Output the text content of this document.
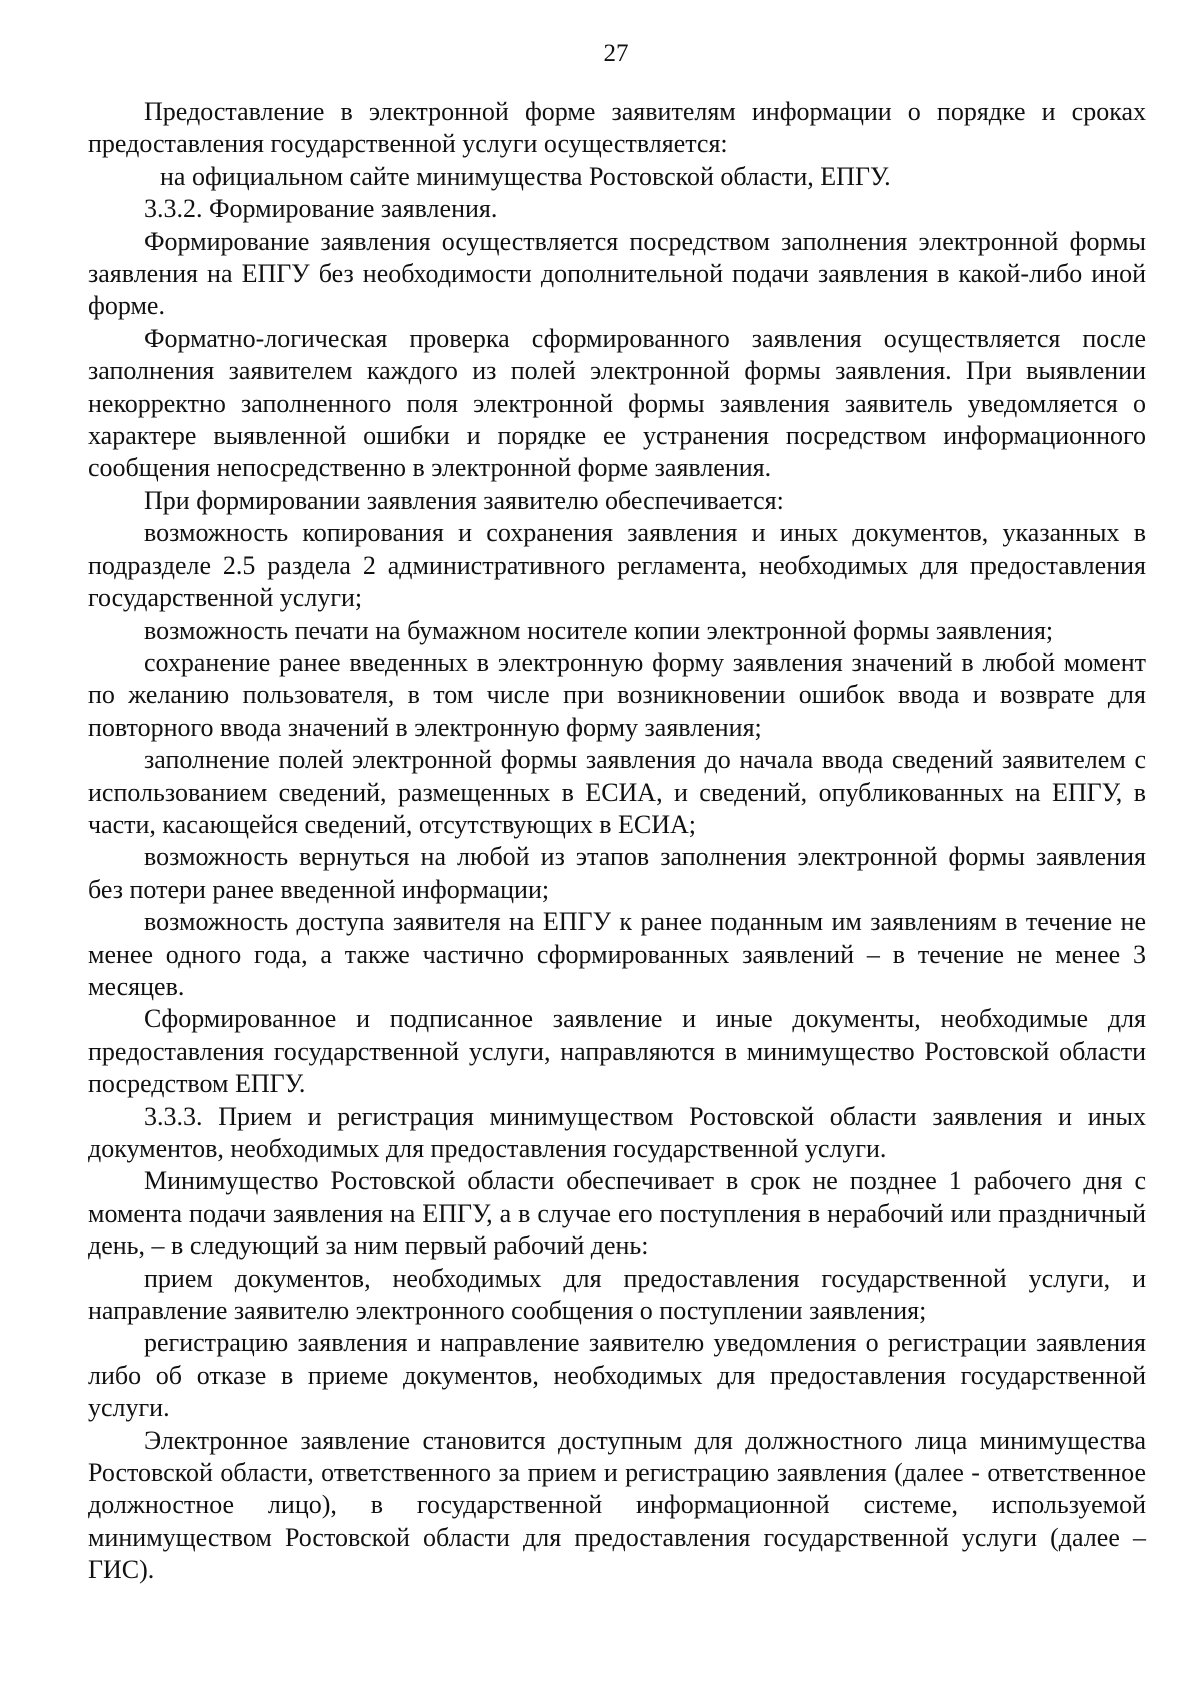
27

Предоставление в электронной форме заявителям информации о порядке и сроках предоставления государственной услуги осуществляется:

на официальном сайте минимущества Ростовской области, ЕПГУ.

3.3.2. Формирование заявления.

Формирование заявления осуществляется посредством заполнения электронной формы заявления на ЕПГУ без необходимости дополнительной подачи заявления в какой-либо иной форме.

Форматно-логическая проверка сформированного заявления осуществляется после заполнения заявителем каждого из полей электронной формы заявления. При выявлении некорректно заполненного поля электронной формы заявления заявитель уведомляется о характере выявленной ошибки и порядке ее устранения посредством информационного сообщения непосредственно в электронной форме заявления.

При формировании заявления заявителю обеспечивается:

возможность копирования и сохранения заявления и иных документов, указанных в подразделе 2.5 раздела 2 административного регламента, необходимых для предоставления государственной услуги;

возможность печати на бумажном носителе копии электронной формы заявления;

сохранение ранее введенных в электронную форму заявления значений в любой момент по желанию пользователя, в том числе при возникновении ошибок ввода и возврате для повторного ввода значений в электронную форму заявления;

заполнение полей электронной формы заявления до начала ввода сведений заявителем с использованием сведений, размещенных в ЕСИА, и сведений, опубликованных на ЕПГУ, в части, касающейся сведений, отсутствующих в ЕСИА;

возможность вернуться на любой из этапов заполнения электронной формы заявления без потери ранее введенной информации;

возможность доступа заявителя на ЕПГУ к ранее поданным им заявлениям в течение не менее одного года, а также частично сформированных заявлений – в течение не менее 3 месяцев.

Сформированное и подписанное заявление и иные документы, необходимые для предоставления государственной услуги, направляются в минимущество Ростовской области посредством ЕПГУ.

3.3.3. Прием и регистрация минимуществом Ростовской области заявления и иных документов, необходимых для предоставления государственной услуги.

Минимущество Ростовской области обеспечивает в срок не позднее 1 рабочего дня с момента подачи заявления на ЕПГУ, а в случае его поступления в нерабочий или праздничный день, – в следующий за ним первый рабочий день:

прием документов, необходимых для предоставления государственной услуги, и направление заявителю электронного сообщения о поступлении заявления;

регистрацию заявления и направление заявителю уведомления о регистрации заявления либо об отказе в приеме документов, необходимых для предоставления государственной услуги.

Электронное заявление становится доступным для должностного лица минимущества Ростовской области, ответственного за прием и регистрацию заявления (далее - ответственное должностное лицо), в государственной информационной системе, используемой минимуществом Ростовской области для предоставления государственной услуги (далее – ГИС).
